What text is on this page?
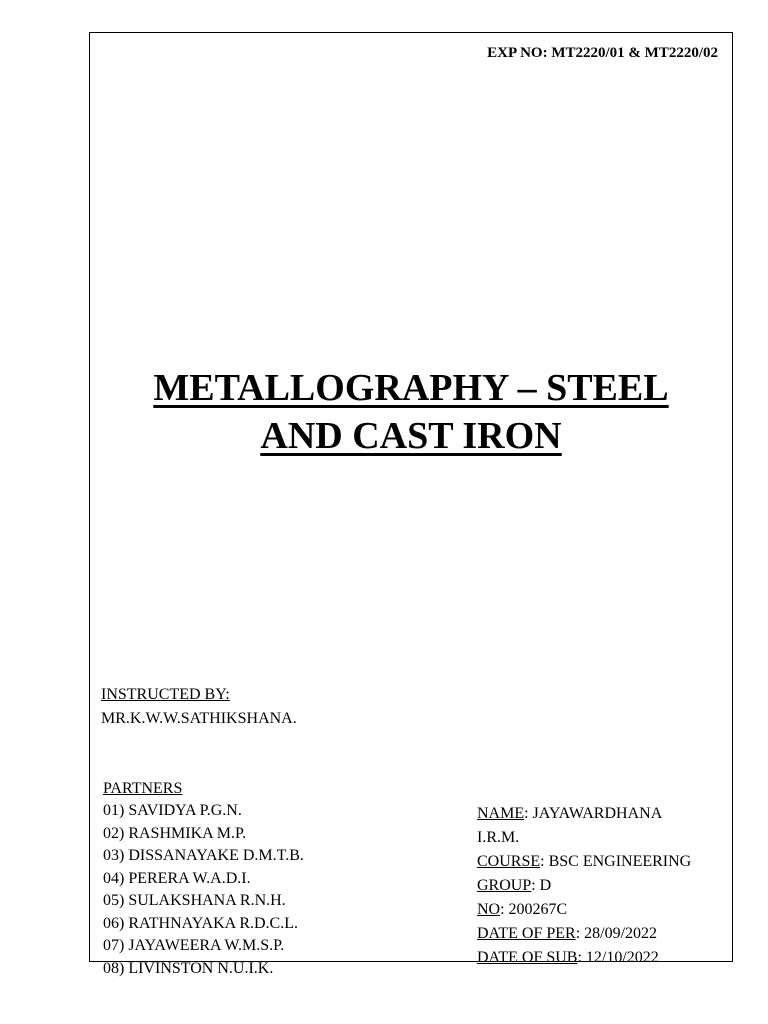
EXP NO: MT2220/01 & MT2220/02

METALLOGRAPHY – STEEL
AND CAST IRON
INSTRUCTED BY:
MR.K.W.W.SATHIKSHANA.
PARTNERS
01) SAVIDYA P.G.N.
02) RASHMIKA M.P.
03) DISSANAYAKE D.M.T.B.
04) PERERA W.A.D.I.
05) SULAKSHANA R.N.H.
06) RATHNAYAKA R.D.C.L.
07) JAYAWEERA W.M.S.P.
08) LIVINSTON N.U.I.K.
NAME: JAYAWARDHANA
I.R.M.
COURSE: BSC ENGINEERING
GROUP: D
NO: 200267C
DATE OF PER: 28/09/2022
DATE OF SUB: 12/10/2022
